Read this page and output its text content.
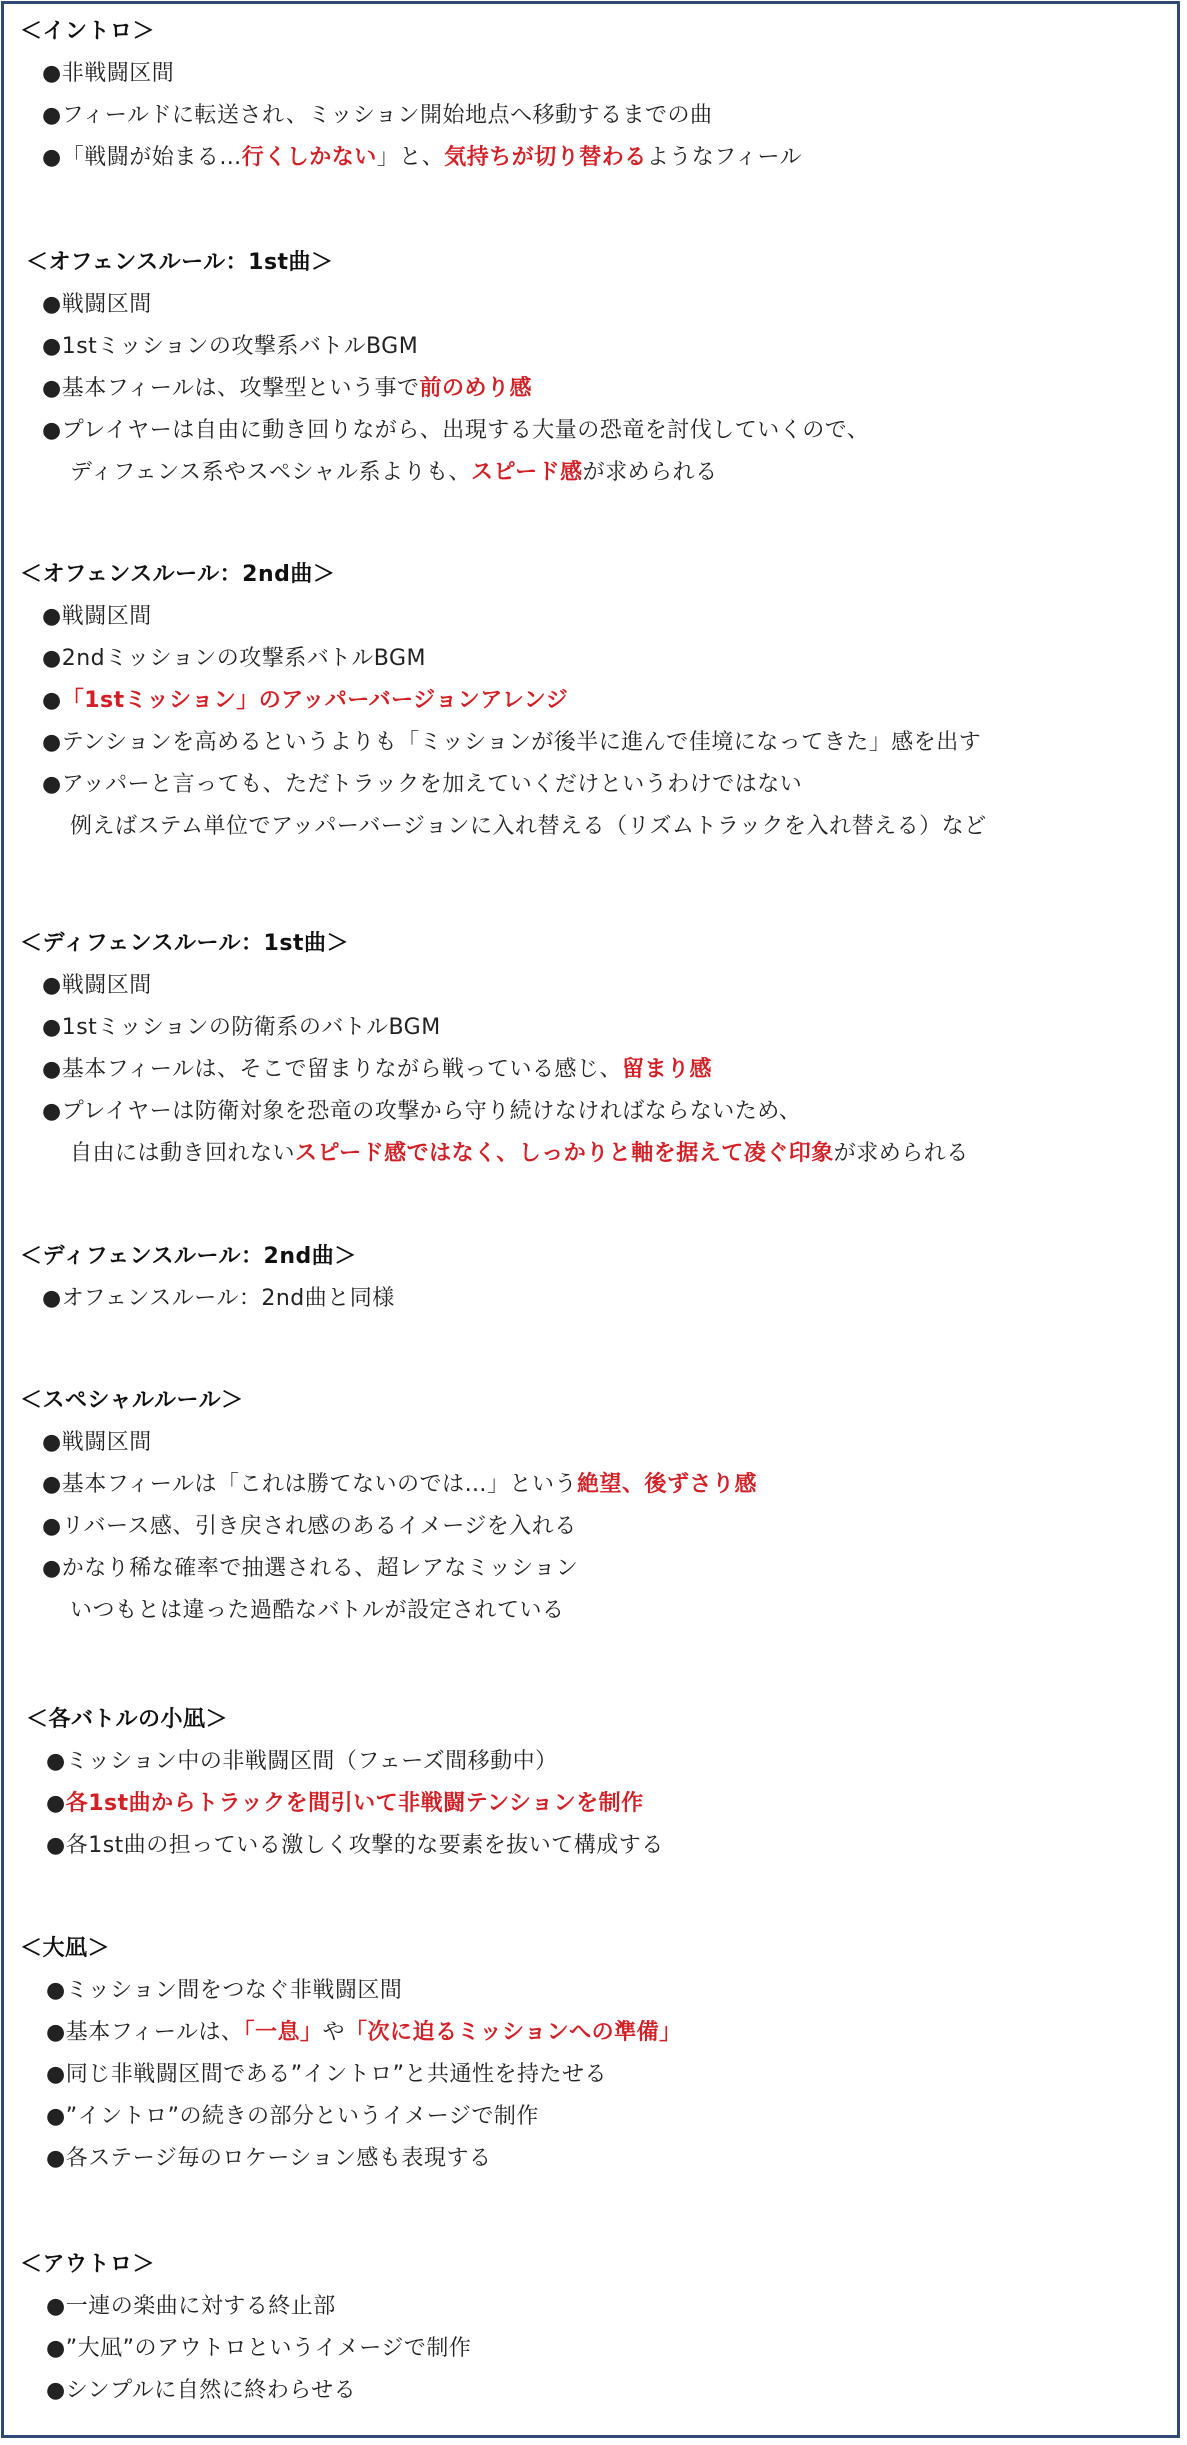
＜イントロ＞
●非戦闘区間
●フィールドに転送され、ミッション開始地点へ移動するまでの曲
●「戦闘が始まる…行くしかない」と、気持ちが切り替わるようなフィール
＜オフェンスルール：1st曲＞
●戦闘区間
●1stミッションの攻撃系バトルBGM
●基本フィールは、攻撃型という事で前のめり感
●プレイヤーは自由に動き回りながら、出現する大量の恐竜を討伐していくので、
ディフェンス系やスペシャル系よりも、スピード感が求められる
＜オフェンスルール：2nd曲＞
●戦闘区間
●2ndミッションの攻撃系バトルBGM
●「1stミッション」のアッパーバージョンアレンジ
●テンションを高めるというよりも「ミッションが後半に進んで佳境になってきた」感を出す
●アッパーと言っても、ただトラックを加えていくだけというわけではない
例えばステム単位でアッパーバージョンに入れ替える（リズムトラックを入れ替える）など
＜ディフェンスルール：1st曲＞
●戦闘区間
●1stミッションの防衛系のバトルBGM
●基本フィールは、そこで留まりながら戦っている感じ、留まり感
●プレイヤーは防衛対象を恐竜の攻撃から守り続けなければならないため、
自由には動き回れないスピード感ではなく、しっかりと軸を据えて凌ぐ印象が求められる
＜ディフェンスルール：2nd曲＞
●オフェンスルール：2nd曲と同様
＜スペシャルルール＞
●戦闘区間
●基本フィールは「これは勝てないのでは…」という絶望、後ずさり感
●リバース感、引き戻され感のあるイメージを入れる
●かなり稀な確率で抽選される、超レアなミッション
いつもとは違った過酷なバトルが設定されている
＜各バトルの小凪＞
●ミッション中の非戦闘区間（フェーズ間移動中）
●各1st曲からトラックを間引いて非戦闘テンションを制作
●各1st曲の担っている激しく攻撃的な要素を抜いて構成する
＜大凪＞
●ミッション間をつなぐ非戦闘区間
●基本フィールは、「一息」や「次に迫るミッションへの準備」
●同じ非戦闘区間である”イントロ”と共通性を持たせる
●”イントロ”の続きの部分というイメージで制作
●各ステージ毎のロケーション感も表現する
＜アウトロ＞
●一連の楽曲に対する終止部
●”大凪”のアウトロというイメージで制作
●シンプルに自然に終わらせる
